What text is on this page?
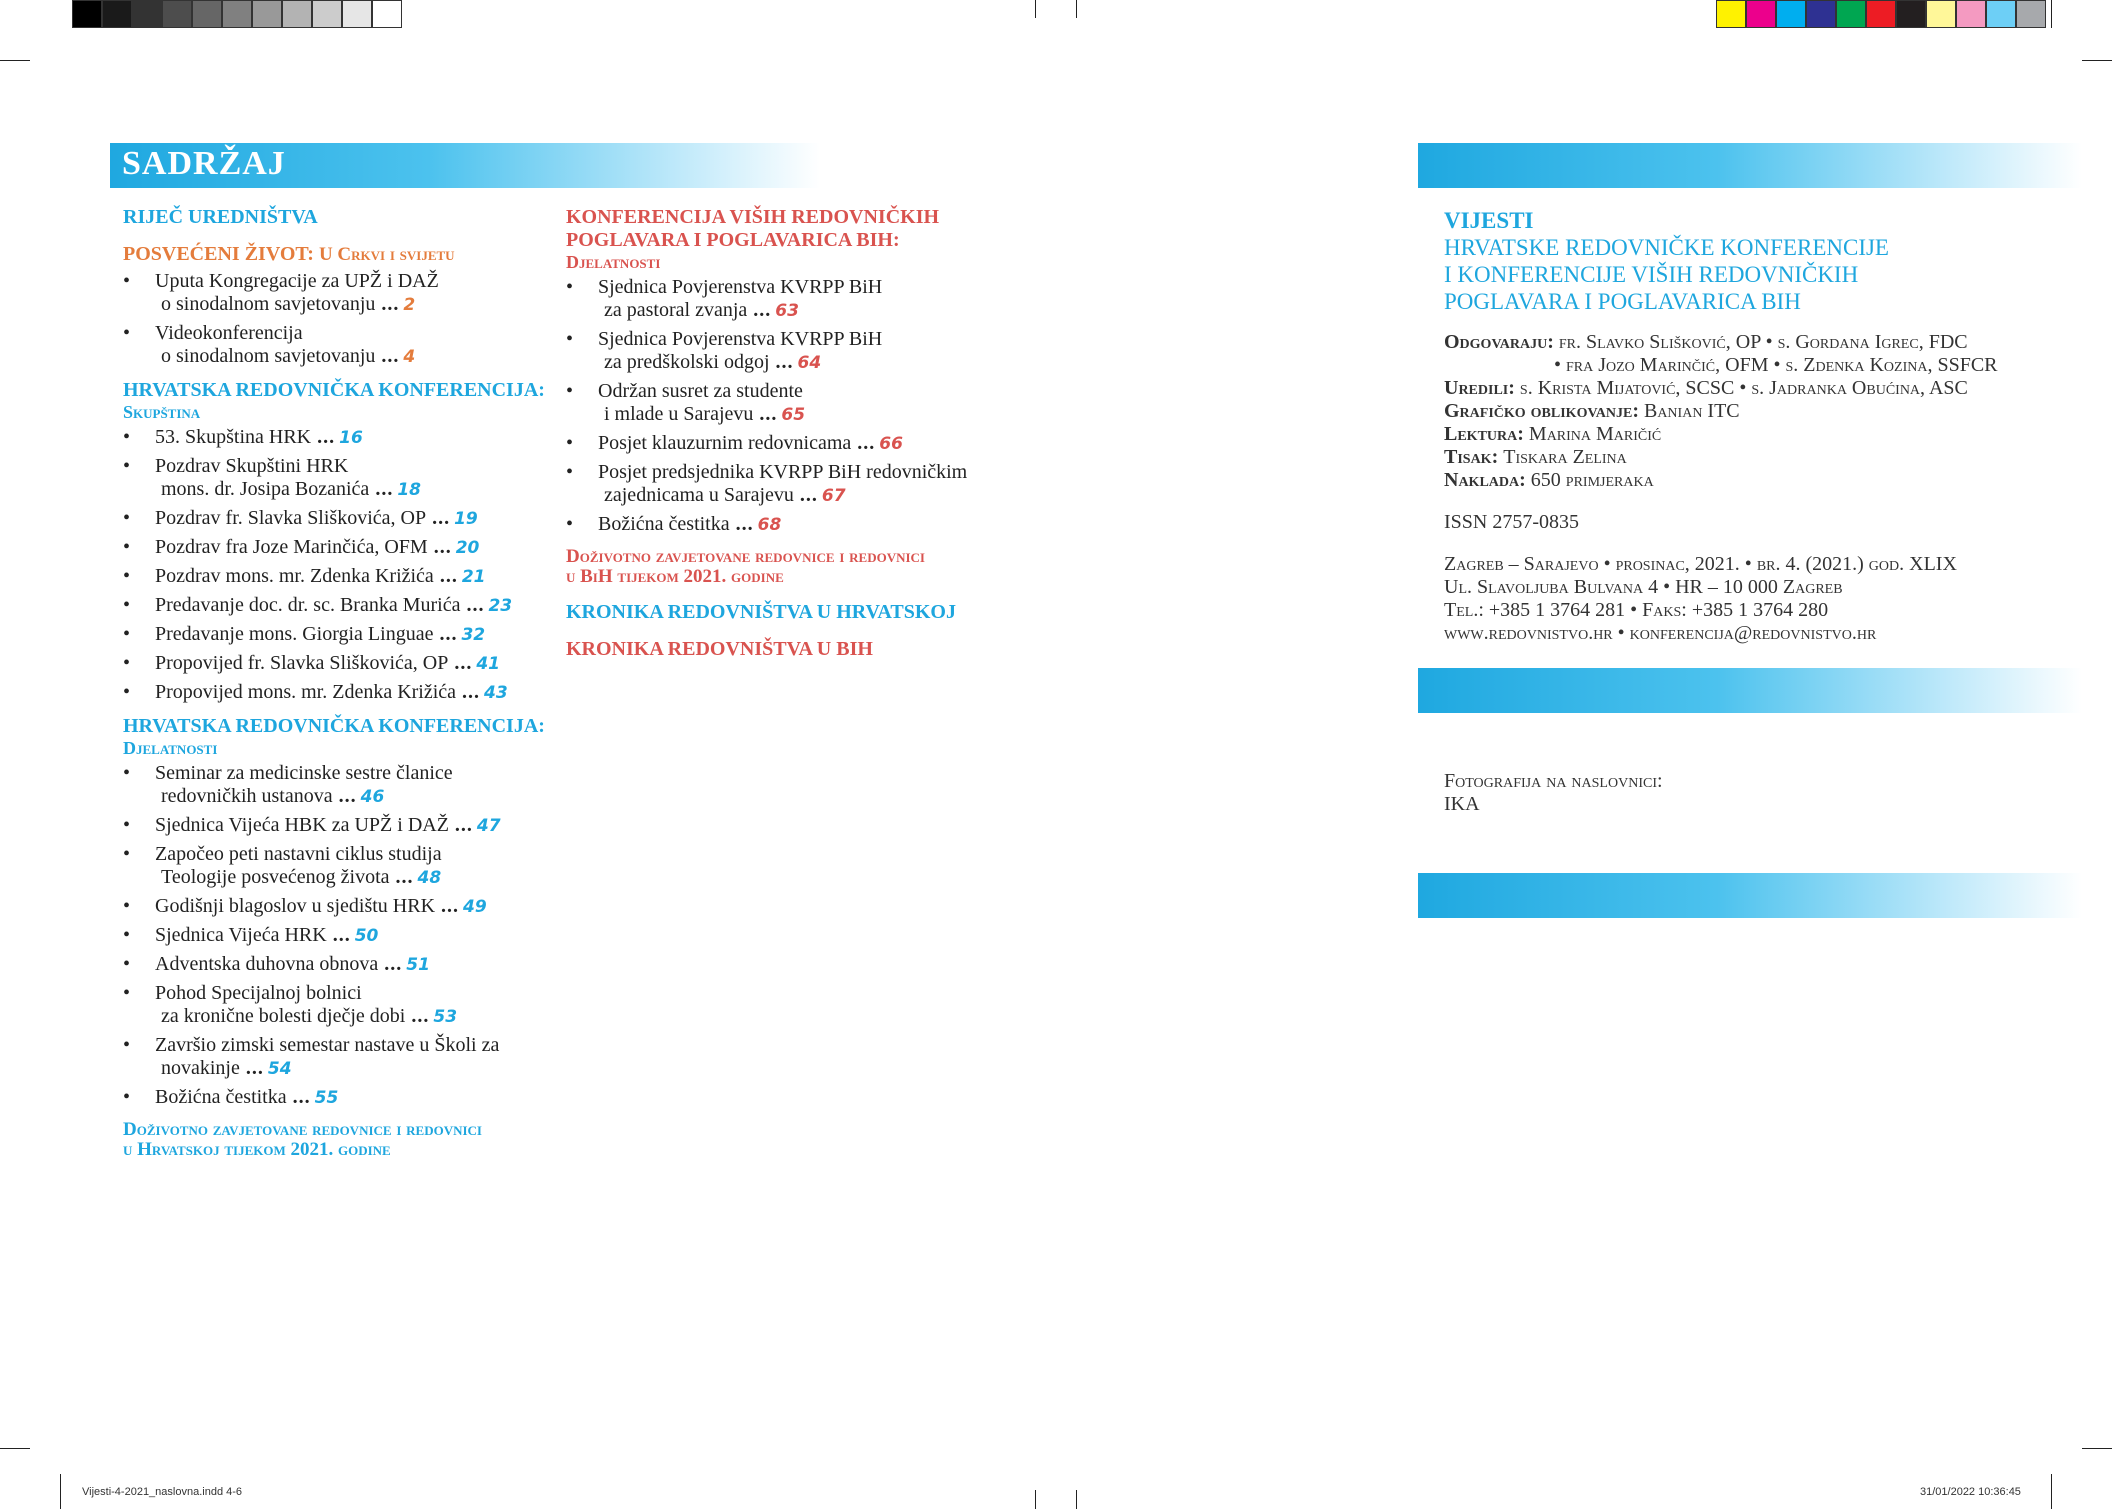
Vijesti-4-2021_naslovna.indd 4-6	31/01/2022 10:36:45
SADRŽAJ
RIJEČ UREDNIŠTVA
POSVEĆENI ŽIVOT: U Crkvi i svijetu
• Uputa Kongregacije za UPŽ i DAŽ
o sinodalnom savjetovanju ... 2
• Videokonferencija
o sinodalnom savjetovanju ... 4
HRVATSKA REDOVNIČKA KONFERENCIJA:
Skupština
• 53. Skupština HRK ... 16
• Pozdrav Skupštini HRK
mons. dr. Josipa Bozanića ... 18
• Pozdrav fr. Slavka Sliškovića, OP ... 19
• Pozdrav fra Joze Marinčića, OFM ... 20
• Pozdrav mons. mr. Zdenka Križića ... 21
• Predavanje doc. dr. sc. Branka Murića ... 23
• Predavanje mons. Giorgia Linguae ... 32
• Propovijed fr. Slavka Sliškovića, OP ... 41
• Propovijed mons. mr. Zdenka Križića ... 43
HRVATSKA REDOVNIČKA KONFERENCIJA:
Djelatnosti
• Seminar za medicinske sestre članice
redovničkih ustanova ... 46
• Sjednica Vijeća HBK za UPŽ i DAŽ ... 47
• Započeo peti nastavni ciklus studija
Teologije posvećenog života ... 48
• Godišnji blagoslov u sjedištu HRK ... 49
• Sjednica Vijeća HRK ... 50
• Adventska duhovna obnova ... 51
• Pohod Specijalnoj bolnici
za kronične bolesti dječje dobi ... 53
• Završio zimski semestar nastave u Školi za
novakinje ... 54
• Božićna čestitka ... 55
Doživotno zavjetovane redovnice i redovnici
u Hrvatskoj tijekom 2021. godine
KONFERENCIJA VIŠIH REDOVNIČKIH
POGLAVARA I POGLAVARICA BIH:
Djelatnosti
• Sjednica Povjerenstva KVRPP BiH
za pastoral zvanja ... 63
• Sjednica Povjerenstva KVRPP BiH
za predškolski odgoj ... 64
• Održan susret za studente
i mlade u Sarajevu ... 65
• Posjet klauzurnim redovnicama ... 66
• Posjet predsjednika KVRPP BiH redovničkim
zajednicama u Sarajevu ... 67
• Božićna čestitka ... 68
Doživotno zavjetovane redovnice i redovnici
u BiH tijekom 2021. godine
KRONIKA REDOVNIŠTVA U HRVATSKOJ
KRONIKA REDOVNIŠTVA U BIH
VIJESTI
HRVATSKE REDOVNIČKE KONFERENCIJE
I KONFERENCIJE VIŠIH REDOVNIČKIH
POGLAVARA I POGLAVARICA BIH
Odgovaraju: fr. Slavko Slišković, OP • s. Gordana Igrec, FDC
• fra Jozo Marinčić, OFM • s. Zdenka Kozina, SSFCR
Uredili: s. Krista Mijatović, SCSC • s. Jadranka Obućina, ASC
Grafičko oblikovanje: Banian ITC
Lektura: Marina Maričić
Tisak: Tiskara Zelina
Naklada: 650 primjeraka
ISSN 2757-0835
Zagreb – Sarajevo • prosinac, 2021. • br. 4. (2021.) god. XLIX
Ul. Slavoljuba Bulvana 4 • HR – 10 000 Zagreb
Tel.: +385 1 3764 281 • Faks: +385 1 3764 280
www.redovnistvo.hr • konferencija@redovnistvo.hr
Fotografija na naslovnici:
IKA
